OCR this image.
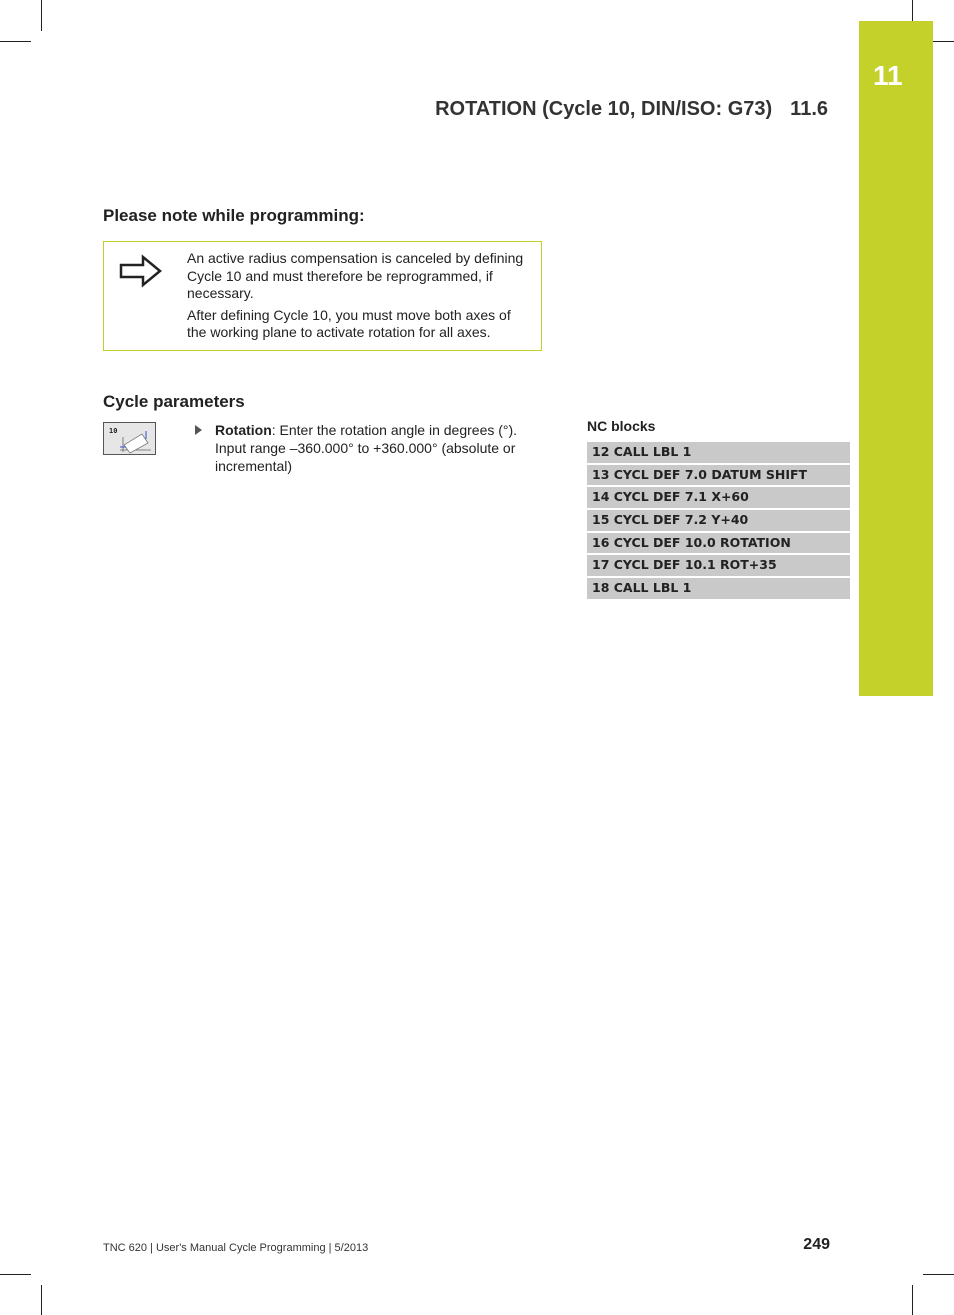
11
ROTATION (Cycle 10, DIN/ISO: G73) 11.6
Please note while programming:

An active radius compensation is canceled by defining Cycle 10 and must therefore be reprogrammed, if necessary.

After defining Cycle 10, you must move both axes of the working plane to activate rotation for all axes.

Cycle parameters
10	Rotation: Enter the rotation angle in degrees (°). Input range –360.000° to +360.000° (absolute or incremental)
NC blocks
12 CALL LBL 1
13 CYCL DEF 7.0 DATUM SHIFT
14 CYCL DEF 7.1 X+60
15 CYCL DEF 7.2 Y+40
16 CYCL DEF 10.0 ROTATION
17 CYCL DEF 10.1 ROT+35
18 CALL LBL 1
TNC 620 | User's Manual Cycle Programming | 5/2013	249
